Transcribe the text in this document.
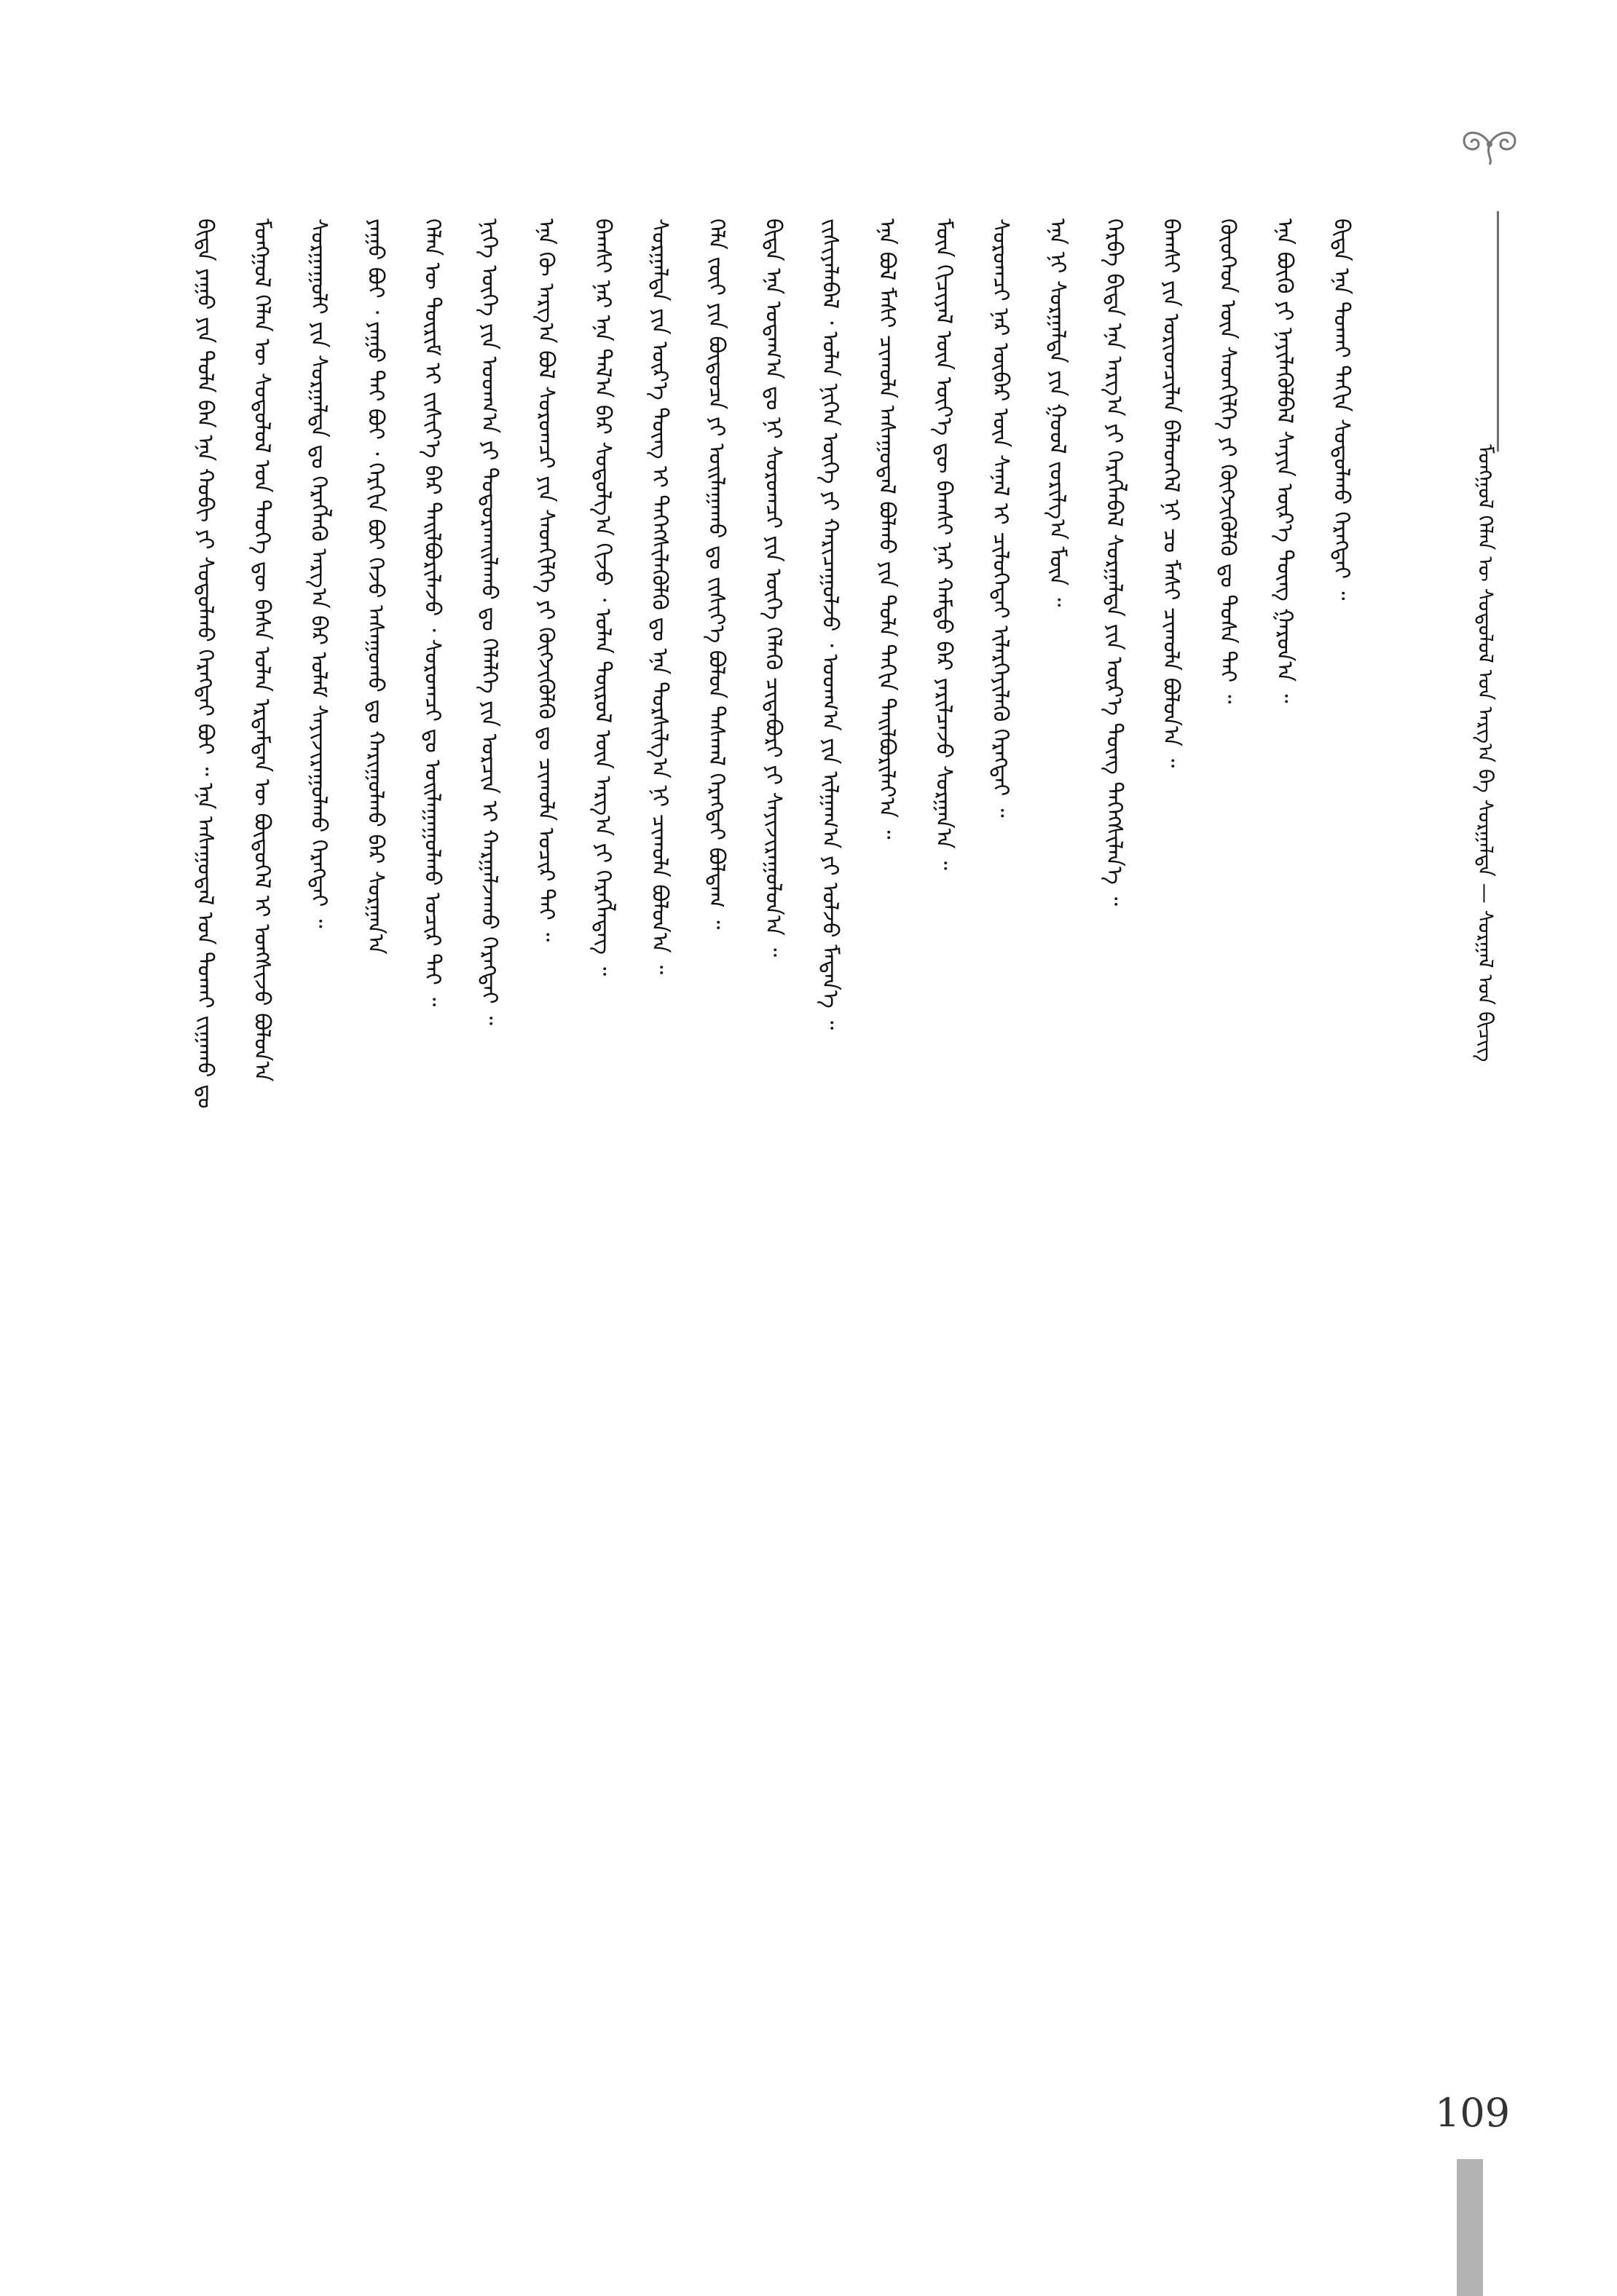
ᠮᠣᠩᠭᠣᠯ ᠬᠡᠯᠡᠨ ᠦ ᠰᠤᠳᠤᠯᠤᠯ ᠤᠨ ᠠᠷᠭ᠎ᠠ ᠪᠠ ᠰᠤᠷᠭᠠᠯᠲᠠ — ᠰᠤᠷᠭᠠᠯ ᠤᠨ ᠪᠢᠴᠢᠭ
ᠪᠢᠳᠡ ᠶᠠᠭᠤ ᠶᠢᠨ ᠲᠤᠯᠠ ᠪᠠᠨ ᠡᠨᠡ ᠬᠤᠪᠢ ᠶᠢ ᠰᠤᠳᠤᠯᠬᠤ ᠬᠡᠷᠡᠭᠲᠡᠢ ᠪᠤᠢ ᠃ ᠡᠨᠡ ᠠᠰᠠᠭᠤᠳᠠᠯ ᠤᠨ ᠲᠤᠬᠠᠢ ᠵᠢᠭᠠᠬᠤ ᠳᠤ ᠮᠣᠩᠭᠣᠯ ᠬᠡᠯᠡᠨ ᠦ ᠰᠤᠳᠤᠯᠤᠯ ᠤᠨ ᠲᠡᠦᠬᠡ ᠳᠦ ᠪᠠᠰᠠ ᠣᠯᠠᠨ ᠡᠷᠳᠡᠮᠲᠡᠨ ᠦ ᠪᠦᠲᠦᠭᠡᠯ ᠢ ᠤᠩᠰᠢᠵᠤ ᠪᠣᠯᠤᠨ᠎ᠠ ᠰᠤᠷᠭᠠᠭᠤᠯᠢ ᠶᠢᠨ ᠰᠤᠷᠭᠠᠯᠲᠠ ᠳᠤ ᠬᠡᠷᠡᠭᠯᠡᠬᠦ ᠠᠷᠭ᠎ᠠ ᠪᠠᠷ ᠤᠯᠠᠮ ᠰᠠᠶᠢᠵᠢᠷᠠᠭᠤᠯᠬᠤ ᠬᠡᠷᠡᠭᠲᠡᠢ ᠃ ᠶᠠᠭᠤ ᠪᠤᠢ ᠂ ᠶᠠᠭᠤ ᠲᠠᠢ ᠪᠤᠢ ᠂ ᠬᠡᠷᠬᠢᠨ ᠪᠤᠢ ᠭᠡᠵᠦ ᠠᠰᠠᠭᠤᠬᠤ ᠳᠤ ᠬᠠᠷᠢᠭᠤᠯᠬᠤ ᠪᠡᠷ ᠰᠤᠷᠭᠠᠨ᠎ᠠ ᠬᠡᠯᠡᠨ ᠦ ᠳᠦᠷᠢᠮ ᠢ ᠵᠢᠱᠢᠶ᠎ᠡ ᠪᠡᠷ ᠲᠠᠢᠯᠪᠤᠷᠢᠯᠠᠵᠤ ᠂ ᠰᠤᠷᠤᠭᠴᠢ ᠳᠤ ᠣᠢᠯᠠᠭᠠᠭᠤᠯᠬᠤ ᠤᠴᠢᠷ ᠲᠠᠢ ᠃ ᠨᠢᠭᠡ ᠦᠭᠡ ᠶᠢᠨ ᠤᠳᠬ᠎ᠠ ᠶᠢ ᠲᠣᠳᠣᠷᠬᠠᠢᠯᠠᠬᠤ ᠳᠤ ᠬᠡᠯᠡᠯᠭᠡ ᠶᠢᠨ ᠣᠷᠴᠢᠨ ᠢ ᠬᠠᠷᠭᠠᠯᠵᠠᠬᠤ ᠬᠡᠷᠡᠭᠲᠡᠢ ᠃ ᠡᠨᠡ ᠬᠦ ᠠᠷᠭ᠎ᠠ ᠪᠣᠯ ᠰᠤᠷᠤᠭᠴᠢ ᠶᠢᠨ ᠰᠡᠳᠬᠢᠯᠭᠡ ᠶᠢ ᠬᠥᠭᠵᠢᠭᠦᠯᠬᠦ ᠳᠤ ᠴᠢᠬᠤᠯᠠ ᠤᠴᠢᠷ ᠲᠠᠢ ᠃ ᠪᠠᠭᠰᠢ ᠨᠠᠷ ᠡᠨᠡ ᠲᠠᠯ᠎ᠠ ᠪᠠᠷ ᠰᠤᠳᠤᠯᠭ᠎ᠠ ᠬᠢᠵᠦ ᠂ ᠣᠯᠠᠨ ᠲᠥᠷᠦᠯ ᠦᠨ ᠠᠷᠭ᠎ᠠ ᠶᠢ ᠬᠡᠷᠡᠭᠯᠡᠳᠡᠭ ᠃ ᠰᠤᠷᠭᠠᠯᠲᠠ ᠶᠢᠨ ᠦᠷ᠎ᠡ ᠳᠦᠩ ᠢ ᠳᠡᠭᠡᠭᠰᠢᠯᠡᠭᠦᠯᠬᠦ ᠳᠤ ᠡᠨᠡ ᠲᠤᠷᠰᠢᠯᠭ᠎ᠠ ᠨᠢ ᠴᠢᠬᠤᠯᠠ ᠪᠣᠯᠤᠨ᠎ᠠ ᠃ ᠬᠡᠯᠡ ᠵᠦᠢ ᠶᠢᠨ ᠪᠦᠲᠦᠴᠡ ᠶᠢ ᠤᠢᠯᠠᠭᠠᠬᠤ ᠳᠤ ᠵᠢᠱᠢᠶ᠎ᠡ ᠪᠣᠯᠤᠨ ᠳᠠᠰᠬᠠᠯ ᠬᠡᠷᠡᠭᠲᠡᠢ ᠪᠣᠯᠳᠠᠭ ᠃ ᠪᠢᠳᠡ ᠡᠨᠡ ᠤᠳᠠᠭ᠎ᠠ ᠳᠤ ᠨᠢ ᠰᠤᠷᠤᠭᠴᠢ ᠶᠢᠨ ᠦᠭᠡ ᠬᠡᠯᠡᠬᠦ ᠴᠢᠳᠠᠪᠤᠷᠢ ᠶᠢ ᠰᠠᠶᠢᠵᠢᠷᠠᠭᠤᠯᠤᠨ᠎ᠠ ᠃ ᠵᠢᠱᠢᠶᠡᠯᠡᠪᠡᠯ ᠂ ᠣᠯᠠᠨ ᠨᠢᠭᠡᠨ ᠦᠭᠡ ᠶᠢ ᠬᠠᠷᠢᠴᠠᠭᠤᠯᠵᠤ ᠂ ᠤᠳᠬ᠎ᠠ ᠶᠢᠨ ᠢᠯᠭᠠᠭ᠎ᠠ ᠶᠢ ᠣᠯᠵᠤ ᠮᠡᠳᠡᠨ᠎ᠡ ᠃ ᠡᠨᠡ ᠪᠣᠯ ᠮᠠᠰᠢ ᠴᠢᠬᠤᠯᠠ ᠠᠰᠠᠭᠤᠳᠠᠯ ᠪᠣᠯᠬᠤ ᠶᠢᠨ ᠲᠤᠯᠠ ᠳᠠᠬᠢᠨ ᠲᠠᠢᠯᠪᠤᠷᠢᠯᠠᠶ᠎ᠠ ᠃ ᠮᠥᠨ ᠬᠢᠴᠢᠶᠡᠯ ᠦᠨ ᠦᠶ᠎ᠡ ᠳᠦ ᠪᠠᠭᠰᠢ ᠨᠠᠷ ᠬᠠᠮᠲᠤ ᠪᠡᠷ ᠶᠠᠷᠢᠯᠴᠠᠵᠤ ᠰᠤᠷᠭᠠᠨ᠎ᠠ ᠃ ᠰᠤᠷᠤᠭᠴᠢ ᠨᠠᠷ ᠥᠪᠡᠷ ᠦᠨ ᠰᠠᠨᠠᠯ ᠢ ᠴᠢᠯᠦᠭᠡᠲᠡᠢ ᠢᠯᠡᠷᠬᠡᠶᠢᠯᠡᠬᠦ ᠬᠡᠷᠡᠭᠲᠡᠢ ᠃ ᠡᠨᠡ ᠨᠢ ᠰᠤᠷᠭᠠᠯᠲᠠ ᠶᠢᠨ ᠭᠣᠣᠯ ᠵᠣᠷᠢᠯᠭ᠎ᠠ ᠮᠥᠨ ᠃ ᠬᠡᠷᠪᠡ ᠪᠢᠳᠡ ᠡᠨᠡ ᠠᠷᠭ᠎ᠠ ᠶᠢ ᠬᠡᠷᠡᠭᠯᠡᠪᠡᠯ ᠰᠤᠷᠭᠠᠯᠲᠠ ᠶᠢᠨ ᠦᠷ᠎ᠡ ᠳᠦᠩ ᠳᠡᠭᠡᠭᠰᠢᠯᠡᠨ᠎ᠡ ᠃ ᠪᠠᠭᠰᠢ ᠶᠢᠨ ᠤᠷᠢᠳᠴᠢᠯᠠᠨ ᠪᠡᠯᠡᠳᠬᠡᠯ ᠨᠢ ᠴᠤ ᠮᠠᠰᠢ ᠴᠢᠬᠤᠯᠠ ᠪᠣᠯᠤᠨ᠎ᠠ ᠃ ᠬᠦᠦᠬᠡᠳ ᠦᠨ ᠰᠡᠳᠬᠢᠯᠭᠡ ᠶᠢ ᠬᠥᠭᠵᠢᠭᠦᠯᠬᠦ ᠳᠤ ᠲᠤᠰᠠ ᠲᠠᠢ ᠃ ᠡᠨᠡ ᠪᠦᠬᠦ ᠶᠢ ᠨᠡᠶᠢᠯᠡᠭᠦᠯᠪᠡᠯ ᠰᠠᠶᠢᠨ ᠦᠷ᠎ᠡ ᠳᠦᠩ ᠭᠠᠷᠤᠨ᠎ᠠ ᠃ ᠪᠢᠳᠡ ᠡᠨᠡ ᠲᠤᠬᠠᠢ ᠳᠠᠬᠢᠨ ᠰᠤᠳᠤᠯᠬᠤ ᠬᠡᠷᠡᠭᠲᠡᠢ ᠃
109
